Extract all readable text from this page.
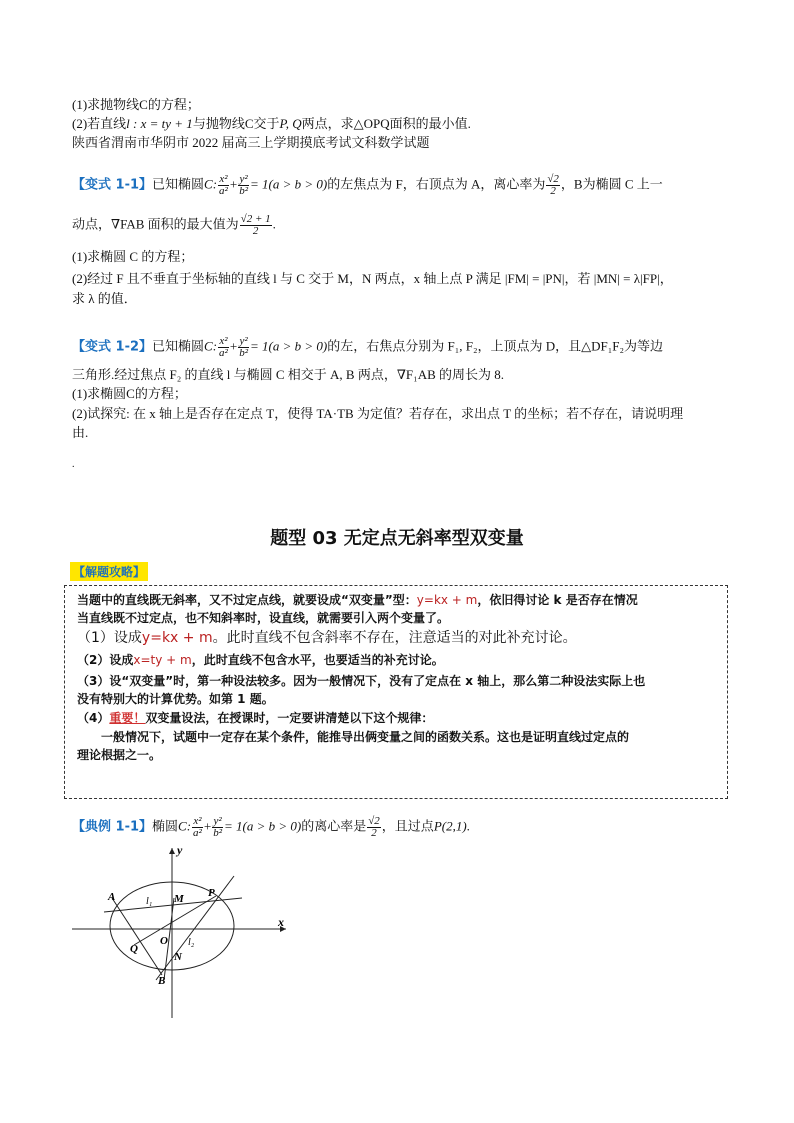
(1)求抛物线C的方程；
(2)若直线l : x = ty + 1与抛物线C交于P, Q两点，求△OPQ面积的最小值.
陕西省渭南市华阴市 2022 届高三上学期摸底考试文科数学试题
【变式 1-1】已知椭圆C: $\frac{\text{x²}}{\text{a²}} + \frac{\text{y²}}{\text{b²}} = 1(a > b > 0)$的左焦点为 F，右顶点为 A，离心率为 $\frac{√2}{2}$ ，B为椭圆 C 上一
动点，∇FAB 面积的最大值为 $\frac{√2 + 1}{2}$ .
(1)求椭圆 C 的方程；
(2)经过 F 且不垂直于坐标轴的直线 l 与 C 交于 M，N 两点，x 轴上点 P 满足 |FM| = |PN|，若 |MN| = λ|FP|，
求 λ 的值．
【变式 1-2】已知椭圆C: $\frac{\text{x²}}{\text{a²}} + \frac{\text{y²}}{\text{b²}} = 1(a > b > 0)$的左，右焦点分别为 F₁, F₂，上顶点为 D，且△DF₁F₂为等边
三角形.经过焦点 F₂ 的直线 l 与椭圆 C 相交于 A, B 两点，∇F₁AB 的周长为 8.
(1)求椭圆C的方程；
(2)试探究: 在 x 轴上是否存在定点 T，使得 TA·TB 为定值？若存在，求出点 T 的坐标；若不存在，请说明理
由.
.
题型 03 无定点无斜率型双变量
【解题攻略】
当题中的直线既无斜率，又不过定点线，就要设成“双变量”型：y=kx + m，依旧得讨论 k 是否存在情况
当直线既不过定点，也不知斜率时，设直线，就需要引入两个变量了。
（1）设成y=kx + m。此时直线不包含斜率不存在，注意适当的对此补充讨论。
（2）设成x=ty + m，此时直线不包含水平，也要适当的补充讨论。
（3）设“双变量”时，第一种设法较多。因为一般情况下，没有了定点在 x 轴上，那么第二种设法实际上也
没有特别大的计算优势。如第 1 题。
（4）重要！双变量设法，在授课时，一定要讲清楚以下这个规律：
一般情况下，试题中一定存在某个条件，能推导出俩变量之间的函数关系。这也是证明直线过定点的
理论根据之一。
【典例 1-1】椭圆C: $\frac{\text{x²}}{\text{a²}} + \frac{\text{y²}}{\text{b²}} = 1(a > b > 0)$的离心率是 $\frac{√2}{2}$ ，且过点P(2,1).
y
x
A	l₁ M P
O l₂
Q
N
B
